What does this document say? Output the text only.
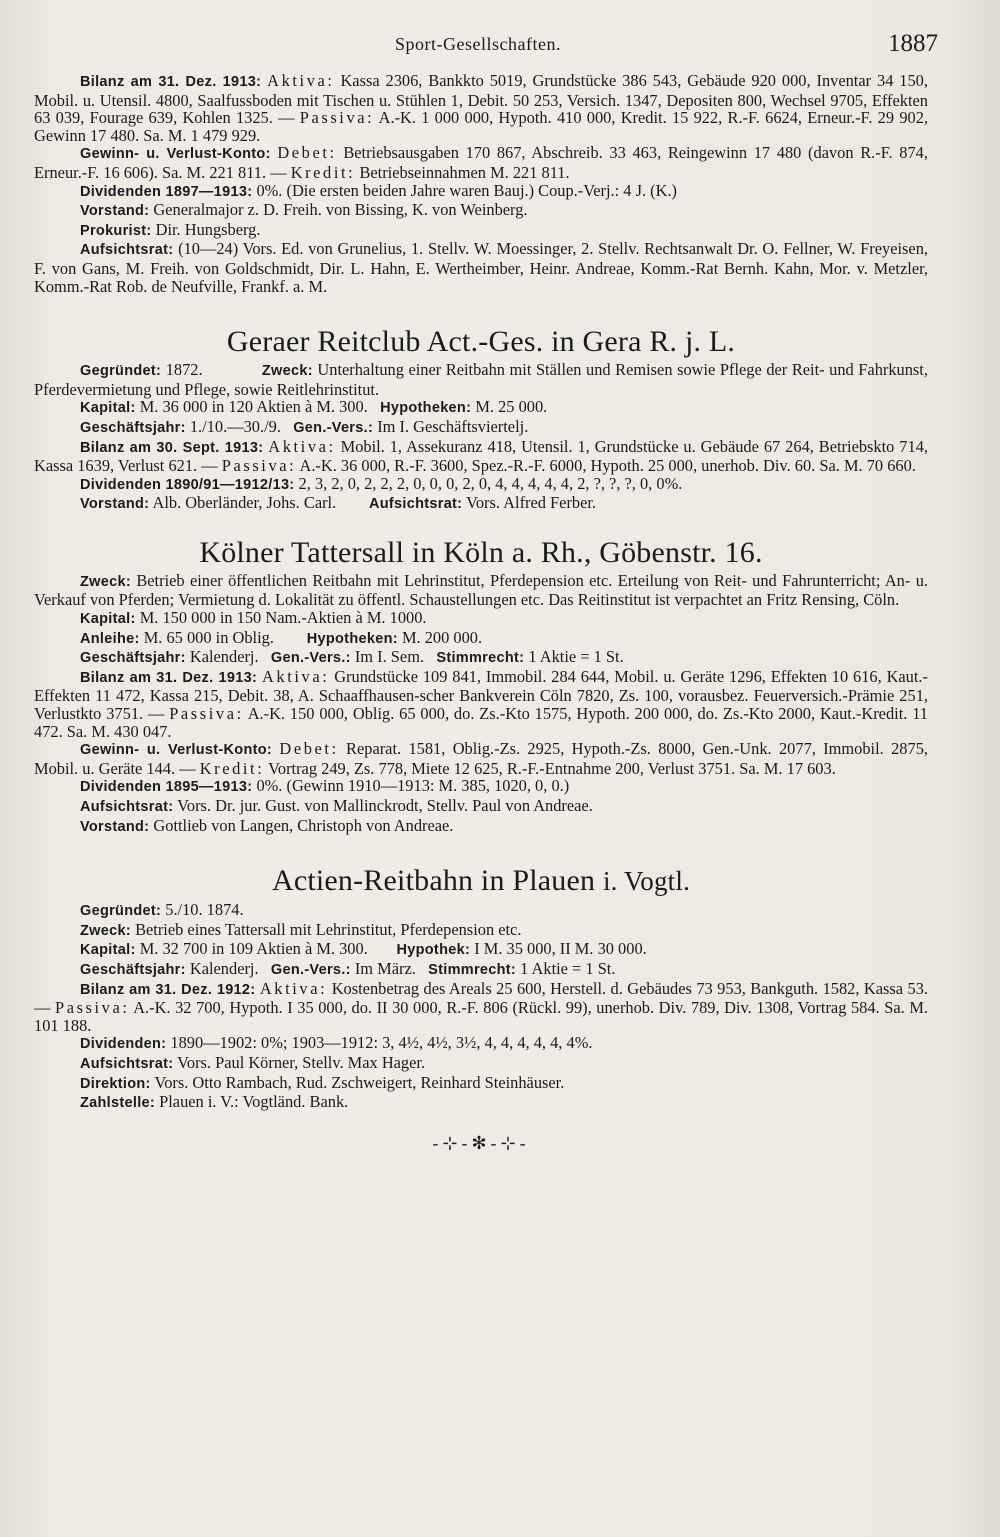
Sport-Gesellschaften.	1887

Bilanz am 31. Dez. 1913: Aktiva: Kassa 2306, Bankkto 5019, Grundstücke 386 543, Gebäude 920 000, Inventar 34 150, Mobil. u. Utensil. 4800, Saalfussboden mit Tischen u. Stühlen 1, Debit. 50 253, Versich. 1347, Depositen 800, Wechsel 9705, Effekten 63 039, Fourage 639, Kohlen 1325. — Passiva: A.-K. 1 000 000, Hypoth. 410 000, Kredit. 15 922, R.-F. 6624, Erneur.-F. 29 902, Gewinn 17 480. Sa. M. 1 479 929.

Gewinn- u. Verlust-Konto: Debet: Betriebsausgaben 170 867, Abschreib. 33 463, Reingewinn 17 480 (davon R.-F. 874, Erneur.-F. 16 606). Sa. M. 221 811. — Kredit: Betriebseinnahmen M. 221 811.

Dividenden 1897—1913: 0%. (Die ersten beiden Jahre waren Bauj.) Coup.-Verj.: 4 J. (K.)

Vorstand: Generalmajor z. D. Freih. von Bissing, K. von Weinberg.

Prokurist: Dir. Hungsberg.

Aufsichtsrat: (10—24) Vors. Ed. von Grunelius, 1. Stellv. W. Moessinger, 2. Stellv. Rechtsanwalt Dr. O. Fellner, W. Freyeisen, F. von Gans, M. Freih. von Goldschmidt, Dir. L. Hahn, E. Wertheimber, Heinr. Andreae, Komm.-Rat Bernh. Kahn, Mor. v. Metzler, Komm.-Rat Rob. de Neufville, Frankf. a. M.

Geraer Reitclub Act.-Ges. in Gera R. j. L.

Gegründet: 1872.	Zweck: Unterhaltung einer Reitbahn mit Ställen und Remisen sowie Pflege der Reit- und Fahrkunst, Pferdevermietung und Pflege, sowie Reitlehrinstitut.

Kapital: M. 36 000 in 120 Aktien à M. 300. Hypotheken: M. 25 000.

Geschäftsjahr: 1./10.—30./9. Gen.-Vers.: Im I. Geschäftsviertelj.

Bilanz am 30. Sept. 1913: Aktiva: Mobil. 1, Assekuranz 418, Utensil. 1, Grundstücke u. Gebäude 67 264, Betriebskto 714, Kassa 1639, Verlust 621. — Passiva: A.-K. 36 000, R.-F. 3600, Spez.-R.-F. 6000, Hypoth. 25 000, unerhob. Div. 60. Sa. M. 70 660.

Dividenden 1890/91—1912/13: 2, 3, 2, 0, 2, 2, 2, 0, 0, 0, 2, 0, 4, 4, 4, 4, 4, 2, ?, ?, ?, 0, 0%.

Vorstand: Alb. Oberländer, Johs. Carl. Aufsichtsrat: Vors. Alfred Ferber.

Kölner Tattersall in Köln a. Rh., Göbenstr. 16.

Zweck: Betrieb einer öffentlichen Reitbahn mit Lehrinstitut, Pferdepension etc. Erteilung von Reit- und Fahrunterricht; An- u. Verkauf von Pferden; Vermietung d. Lokalität zu öffentl. Schaustellungen etc. Das Reitinstitut ist verpachtet an Fritz Rensing, Cöln.

Kapital: M. 150 000 in 150 Nam.-Aktien à M. 1000.

Anleihe: M. 65 000 in Oblig. Hypotheken: M. 200 000.

Geschäftsjahr: Kalenderj. Gen.-Vers.: Im I. Sem. Stimmrecht: 1 Aktie = 1 St.

Bilanz am 31. Dez. 1913: Aktiva: Grundstücke 109 841, Immobil. 284 644, Mobil. u. Geräte 1296, Effekten 10 616, Kaut.-Effekten 11 472, Kassa 215, Debit. 38, A. Schaaffhausen-scher Bankverein Cöln 7820, Zs. 100, vorausbez. Feuerversich.-Prämie 251, Verlustkto 3751. — Passiva: A.-K. 150 000, Oblig. 65 000, do. Zs.-Kto 1575, Hypoth. 200 000, do. Zs.-Kto 2000, Kaut.-Kredit. 11 472. Sa. M. 430 047.

Gewinn- u. Verlust-Konto: Debet: Reparat. 1581, Oblig.-Zs. 2925, Hypoth.-Zs. 8000, Gen.-Unk. 2077, Immobil. 2875, Mobil. u. Geräte 144. — Kredit: Vortrag 249, Zs. 778, Miete 12 625, R.-F.-Entnahme 200, Verlust 3751. Sa. M. 17 603.

Dividenden 1895—1913: 0%. (Gewinn 1910—1913: M. 385, 1020, 0, 0.)

Aufsichtsrat: Vors. Dr. jur. Gust. von Mallinckrodt, Stellv. Paul von Andreae.

Vorstand: Gottlieb von Langen, Christoph von Andreae.

Actien-Reitbahn in Plauen i. Vogtl.

Gegründet: 5./10. 1874.

Zweck: Betrieb eines Tattersall mit Lehrinstitut, Pferdepension etc.

Kapital: M. 32 700 in 109 Aktien à M. 300. Hypothek: I M. 35 000, II M. 30 000.

Geschäftsjahr: Kalenderj. Gen.-Vers.: Im März. Stimmrecht: 1 Aktie = 1 St.

Bilanz am 31. Dez. 1912: Aktiva: Kostenbetrag des Areals 25 600, Herstell. d. Gebäudes 73 953, Bankguth. 1582, Kassa 53. — Passiva: A.-K. 32 700, Hypoth. I 35 000, do. II 30 000, R.-F. 806 (Rückl. 99), unerhob. Div. 789, Div. 1308, Vortrag 584. Sa. M. 101 188.

Dividenden: 1890—1902: 0%; 1903—1912: 3, 4½, 4½, 3½, 4, 4, 4, 4, 4, 4%.

Aufsichtsrat: Vors. Paul Körner, Stellv. Max Hager.

Direktion: Vors. Otto Rambach, Rud. Zschweigert, Reinhard Steinhäuser.

Zahlstelle: Plauen i. V.: Vogtländ. Bank.

-⊹-✻-⊹-
